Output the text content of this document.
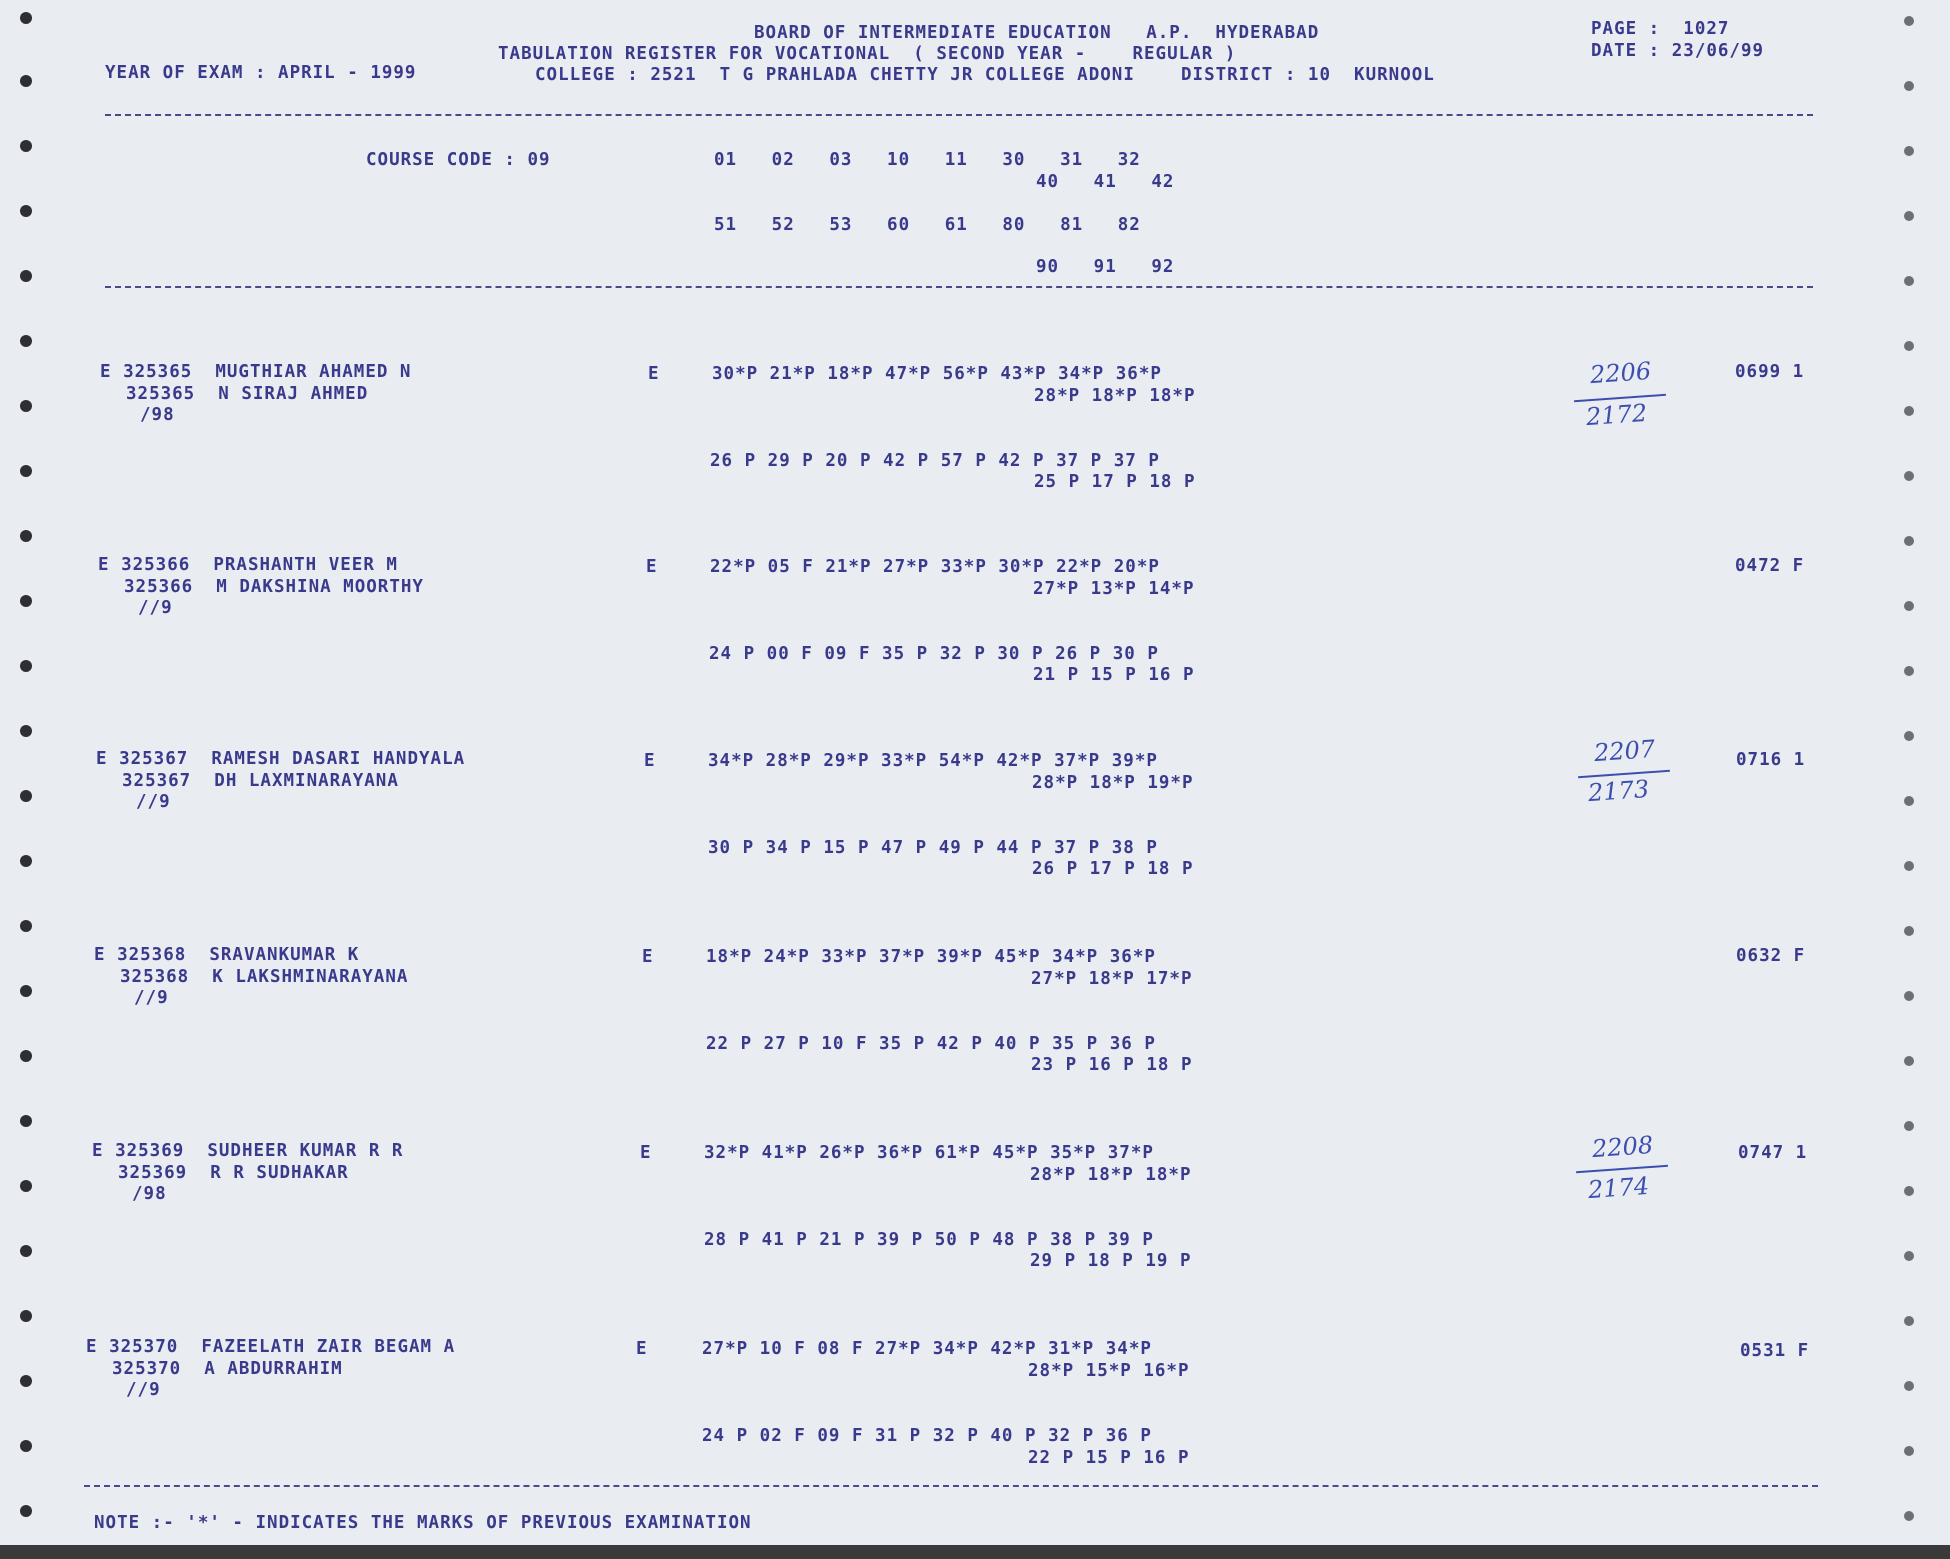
BOARD OF INTERMEDIATE EDUCATION   A.P.  HYDERABAD
TABULATION REGISTER FOR VOCATIONAL  ( SECOND YEAR -    REGULAR )
COLLEGE : 2521  T G PRAHLADA CHETTY JR COLLEGE ADONI    DISTRICT : 10  KURNOOL
YEAR OF EXAM : APRIL - 1999
PAGE :  1027
DATE : 23/06/99
COURSE CODE : 09	01   02   03   10   11   30   31   32
40   41   42
51   52   53   60   61   80   81   82
90   91   92
E 325365  MUGTHIAR AHAMED N
325365  N SIRAJ AHMED
/98
E	30*P 21*P 18*P 47*P 56*P 43*P 34*P 36*P
28*P 18*P 18*P
26 P 29 P 20 P 42 P 57 P 42 P 37 P 37 P
25 P 17 P 18 P
0699 1
2206
2172
E 325366  PRASHANTH VEER M
325366  M DAKSHINA MOORTHY
//9
E	22*P 05 F 21*P 27*P 33*P 30*P 22*P 20*P
27*P 13*P 14*P
24 P 00 F 09 F 35 P 32 P 30 P 26 P 30 P
21 P 15 P 16 P
0472 F
E 325367  RAMESH DASARI HANDYALA
325367  DH LAXMINARAYANA
//9
E	34*P 28*P 29*P 33*P 54*P 42*P 37*P 39*P
28*P 18*P 19*P
30 P 34 P 15 P 47 P 49 P 44 P 37 P 38 P
26 P 17 P 18 P
0716 1
2207
2173
E 325368  SRAVANKUMAR K
325368  K LAKSHMINARAYANA
//9
E	18*P 24*P 33*P 37*P 39*P 45*P 34*P 36*P
27*P 18*P 17*P
22 P 27 P 10 F 35 P 42 P 40 P 35 P 36 P
23 P 16 P 18 P
0632 F
E 325369  SUDHEER KUMAR R R
325369  R R SUDHAKAR
/98
E	32*P 41*P 26*P 36*P 61*P 45*P 35*P 37*P
28*P 18*P 18*P
28 P 41 P 21 P 39 P 50 P 48 P 38 P 39 P
29 P 18 P 19 P
0747 1
2208
2174
E 325370  FAZEELATH ZAIR BEGAM A
325370  A ABDURRAHIM
//9
E	27*P 10 F 08 F 27*P 34*P 42*P 31*P 34*P
28*P 15*P 16*P
24 P 02 F 09 F 31 P 32 P 40 P 32 P 36 P
22 P 15 P 16 P
0531 F
NOTE :- '*' - INDICATES THE MARKS OF PREVIOUS EXAMINATION
